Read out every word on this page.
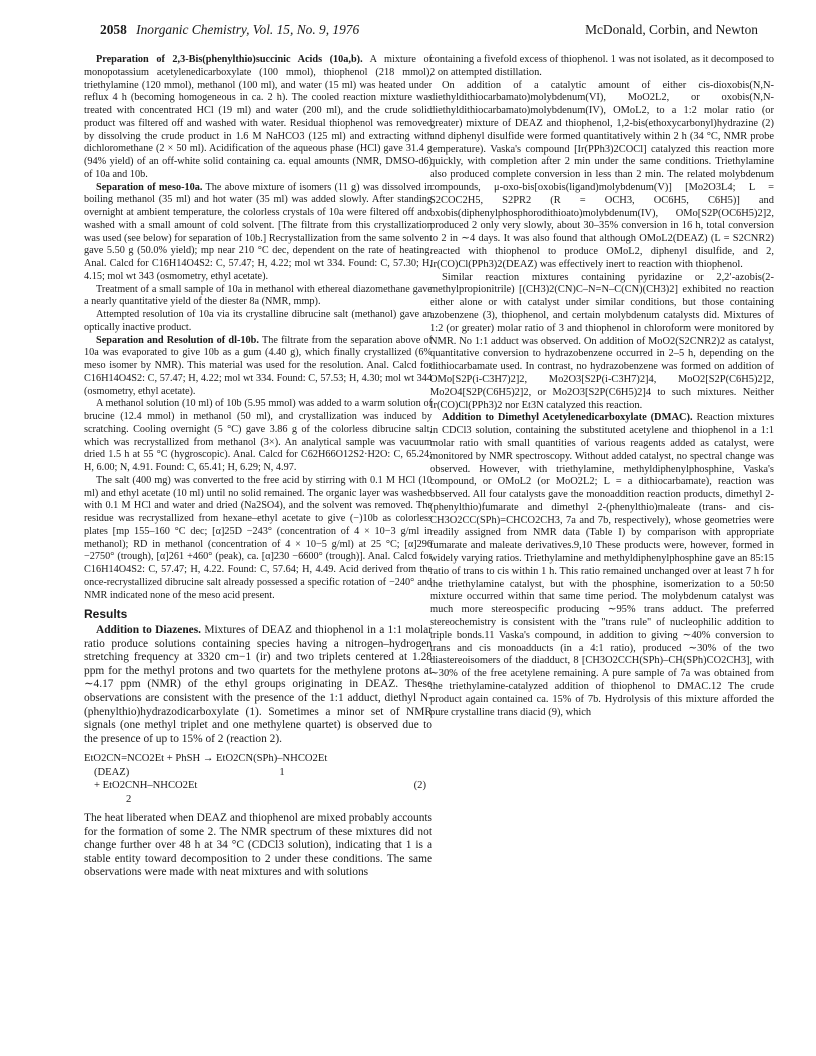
2058 Inorganic Chemistry, Vol. 15, No. 9, 1976	McDonald, Corbin, and Newton

Preparation of 2,3-Bis(phenylthio)succinic Acids (10a,b). A mixture of monopotassium acetylenedicarboxylate (100 mmol), thiophenol (218 mmol), triethylamine (120 mmol), methanol (100 ml), and water (15 ml) was heated under reflux 4 h (becoming homogeneous in ca. 2 h). The cooled reaction mixture was treated with concentrated HCl (19 ml) and water (200 ml), and the crude solid product was filtered off and washed with water. Residual thiophenol was removed by dissolving the crude product in 1.6 M NaHCO3 (125 ml) and extracting with dichloromethane (2 × 50 ml). Acidification of the aqueous phase (HCl) gave 31.4 g (94% yield) of an off-white solid containing ca. equal amounts (NMR, DMSO-d6) of 10a and 10b.

Separation of meso-10a. The above mixture of isomers (11 g) was dissolved in boiling methanol (35 ml) and hot water (35 ml) was added slowly. After standing overnight at ambient temperature, the colorless crystals of 10a were filtered off and washed with a small amount of cold solvent. [The filtrate from this crystallization was used (see below) for separation of 10b.] Recrystallization from the same solvent gave 5.50 g (50.0% yield); mp near 210 °C dec, dependent on the rate of heating. Anal. Calcd for C16H14O4S2: C, 57.47; H, 4.22; mol wt 334. Found: C, 57.30; H, 4.15; mol wt 343 (osmometry, ethyl acetate).

Treatment of a small sample of 10a in methanol with ethereal diazomethane gave a nearly quantitative yield of the diester 8a (NMR, mmp).

Attempted resolution of 10a via its crystalline dibrucine salt (methanol) gave an optically inactive product.

Separation and Resolution of dl-10b. The filtrate from the separation above of 10a was evaporated to give 10b as a gum (4.40 g), which finally crystallized (6% meso isomer by NMR). This material was used for the resolution. Anal. Calcd for C16H14O4S2: C, 57.47; H, 4.22; mol wt 334. Found: C, 57.53; H, 4.30; mol wt 344 (osmometry, ethyl acetate).

A methanol solution (10 ml) of 10b (5.95 mmol) was added to a warm solution of brucine (12.4 mmol) in methanol (50 ml), and crystallization was induced by scratching. Cooling overnight (5 °C) gave 3.86 g of the colorless dibrucine salt, which was recrystallized from methanol (3×). An analytical sample was vacuum dried 1.5 h at 55 °C (hygroscopic). Anal. Calcd for C62H66O12S2·H2O: C, 65.24; H, 6.00; N, 4.91. Found: C, 65.41; H, 6.29; N, 4.97.

The salt (400 mg) was converted to the free acid by stirring with 0.1 M HCl (10 ml) and ethyl acetate (10 ml) until no solid remained. The organic layer was washed with 0.1 M HCl and water and dried (Na2SO4), and the solvent was removed. The residue was recrystallized from hexane–ethyl acetate to give (−)10b as colorless plates [mp 155–160 °C dec; [α]25D −243° (concentration of 4 × 10−3 g/ml in methanol); RD in methanol (concentration of 4 × 10−5 g/ml) at 25 °C; [α]296 −2750° (trough), [α]261 +460° (peak), ca. [α]230 −6600° (trough)]. Anal. Calcd for C16H14O4S2: C, 57.47; H, 4.22. Found: C, 57.64; H, 4.49. Acid derived from the once-recrystallized dibrucine salt already possessed a specific rotation of −240° and NMR indicated none of the meso acid present.

Results

Addition to Diazenes. Mixtures of DEAZ and thiophenol in a 1:1 molar ratio produce solutions containing species having a nitrogen–hydrogen stretching frequency at 3320 cm−1 (ir) and two triplets centered at 1.28 ppm for the methyl protons and two quartets for the methylene protons at ∼4.17 ppm (NMR) of the ethyl groups originating in DEAZ. These observations are consistent with the presence of the 1:1 adduct, diethyl N-(phenylthio)hydrazodicarboxylate (1). Sometimes a minor set of NMR signals (one methyl triplet and one methylene quartet) is observed due to the presence of up to 15% of 2 (reaction 2).

EtO2CN=NCO2Et + PhSH → EtO2CN(SPh)–NHCO2Et
(DEAZ)	1
+ EtO2CNH–NHCO2Et	(2)
2

The heat liberated when DEAZ and thiophenol are mixed probably accounts for the formation of some 2. The NMR spectrum of these mixtures did not change further over 48 h at 34 °C (CDCl3 solution), indicating that 1 is a stable entity toward decomposition to 2 under these conditions. The same observations were made with neat mixtures and with solutions

containing a fivefold excess of thiophenol. 1 was not isolated, as it decomposed to 2 on attempted distillation.

On addition of a catalytic amount of either cis-dioxobis(N,N-diethyldithiocarbamato)molybdenum(VI), MoO2L2, or oxobis(N,N-diethyldithiocarbamato)molybdenum(IV), OMoL2, to a 1:2 molar ratio (or greater) mixture of DEAZ and thiophenol, 1,2-bis(ethoxycarbonyl)hydrazine (2) and diphenyl disulfide were formed quantitatively within 2 h (34 °C, NMR probe temperature). Vaska's compound [Ir(PPh3)2COCl] catalyzed this reaction more quickly, with completion after 2 min under the same conditions. Triethylamine also produced complete conversion in less than 2 min. The related molybdenum compounds, μ-oxo-bis[oxobis(ligand)molybdenum(V)] [Mo2O3L4; L = S2COC2H5, S2PR2 (R = OCH3, OC6H5, C6H5)] and oxobis(diphenylphosphorodithioato)molybdenum(IV), OMo[S2P(OC6H5)2]2, produced 2 only very slowly, about 30–35% conversion in 16 h, total conversion to 2 in ∼4 days. It was also found that although OMoL2(DEAZ) (L = S2CNR2) reacted with thiophenol to produce OMoL2, diphenyl disulfide, and 2, Ir(CO)Cl(PPh3)2(DEAZ) was effectively inert to reaction with thiophenol.

Similar reaction mixtures containing pyridazine or 2,2′-azobis(2-methylpropionitrile) [(CH3)2(CN)C–N=N–C(CN)(CH3)2] exhibited no reaction either alone or with catalyst under similar conditions, but those containing azobenzene (3), thiophenol, and certain molybdenum catalysts did. Mixtures of 1:2 (or greater) molar ratio of 3 and thiophenol in chloroform were monitored by NMR. No 1:1 adduct was observed. On addition of MoO2(S2CNR2)2 as catalyst, quantitative conversion to hydrazobenzene occurred in 2–5 h, depending on the dithiocarbamate used. In contrast, no hydrazobenzene was formed on addition of OMo[S2P(i-C3H7)2]2, Mo2O3[S2P(i-C3H7)2]4, MoO2[S2P(C6H5)2]2, Mo2O4[S2P(C6H5)2]2, or Mo2O3[S2P(C6H5)2]4 to such mixtures. Neither Ir(CO)Cl(PPh3)2 nor Et3N catalyzed this reaction.

Addition to Dimethyl Acetylenedicarboxylate (DMAC). Reaction mixtures in CDCl3 solution, containing the substituted acetylene and thiophenol in a 1:1 molar ratio with small quantities of various reagents added as catalyst, were monitored by NMR spectroscopy. Without added catalyst, no spectral change was observed. However, with triethylamine, methyldiphenylphosphine, Vaska's compound, or OMoL2 (or MoO2L2; L = a dithiocarbamate), reaction was observed. All four catalysts gave the monoaddition reaction products, dimethyl 2-(phenylthio)fumarate and dimethyl 2-(phenylthio)maleate (trans- and cis-CH3O2CC(SPh)=CHCO2CH3, 7a and 7b, respectively), whose geometries were readily assigned from NMR data (Table I) by comparison with appropriate fumarate and maleate derivatives.9,10 These products were, however, formed in widely varying ratios. Triethylamine and methyldiphenylphosphine gave an 85:15 ratio of trans to cis within 1 h. This ratio remained unchanged over at least 7 h for the triethylamine catalyst, but with the phosphine, isomerization to a 50:50 mixture occurred within that same time period. The molybdenum catalyst was much more stereospecific producing ∼95% trans adduct. The preferred stereochemistry is consistent with the "trans rule" of nucleophilic addition to triple bonds.11 Vaska's compound, in addition to giving ∼40% conversion to trans and cis monoadducts (in a 4:1 ratio), produced ∼30% of the two diastereoisomers of the diadduct, 8 [CH3O2CCH(SPh)–CH(SPh)CO2CH3], with ∼30% of the free acetylene remaining. A pure sample of 7a was obtained from the triethylamine-catalyzed addition of thiophenol to DMAC.12 The crude product again contained ca. 15% of 7b. Hydrolysis of this mixture afforded the pure crystalline trans diacid (9), which
